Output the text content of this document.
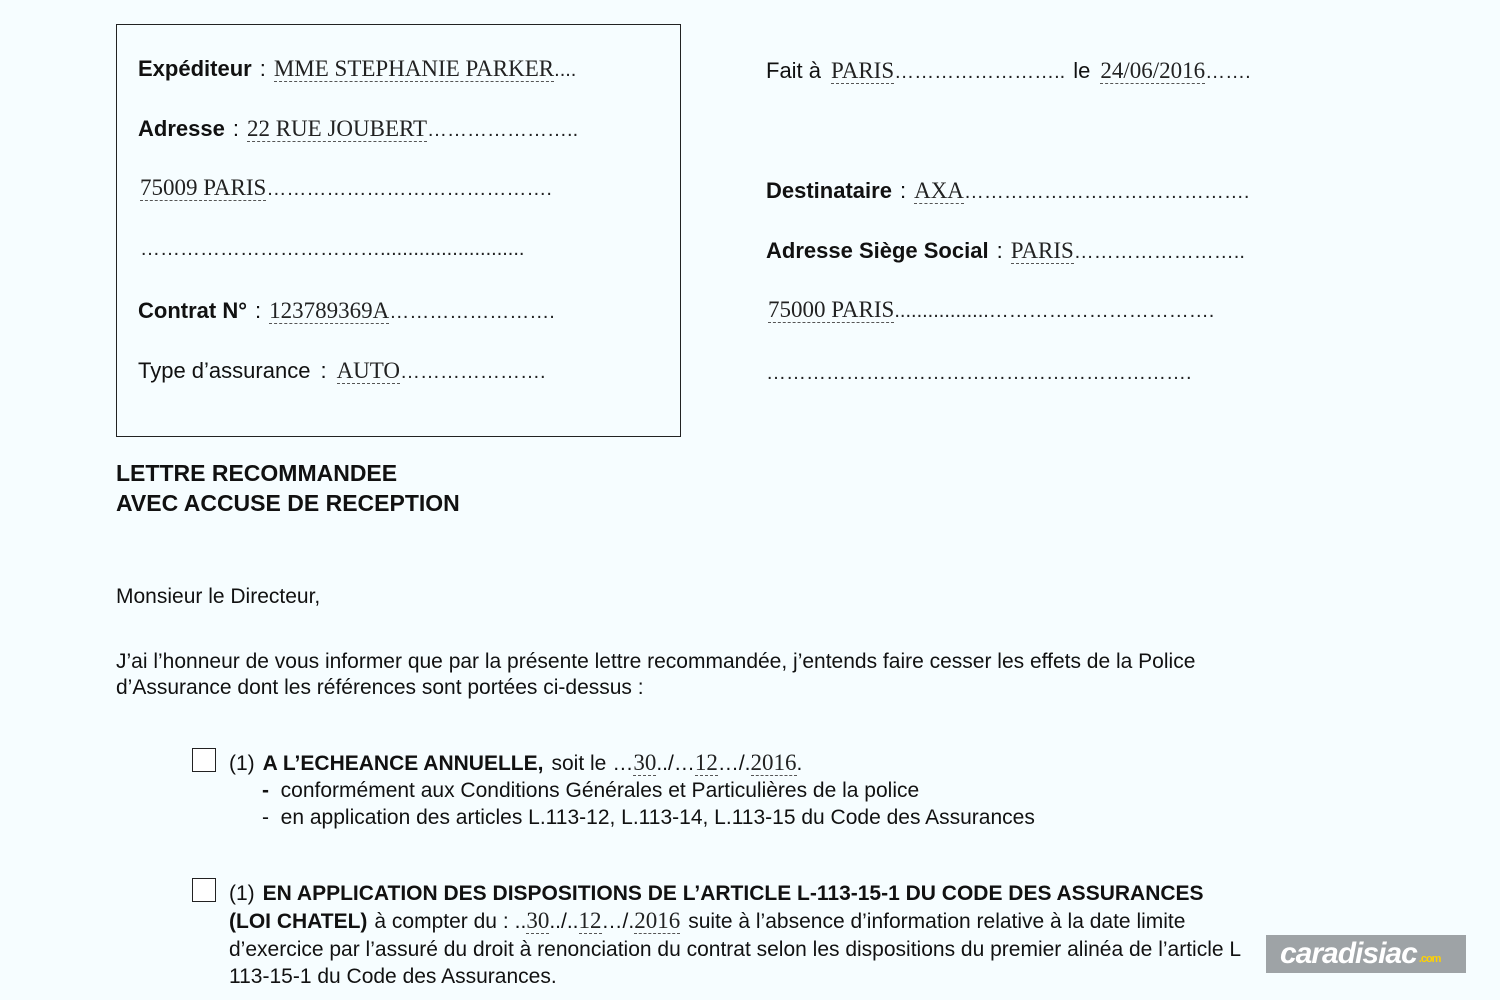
Expéditeur : MME STEPHANIE PARKER ....
Adresse : 22 RUE JOUBERT …………………..
75009 PARIS …………………………………….
………………………………..........................
Contrat N° : 123789369A …………………….
Type d’assurance : AUTO ………………….
Fait à PARIS …………………….. le 24/06/2016 …….
Destinataire : AXA …………………………………….
Adresse Siège Social : PARIS ……………………..
75000 PARIS .................…………………………….
……………………………………………………….
LETTRE RECOMMANDEE
AVEC ACCUSE DE RECEPTION
Monsieur le Directeur,
J’ai l’honneur de vous informer que par la présente lettre recommandée, j’entends faire cesser les effets de la Police
d’Assurance dont les références sont portées ci-dessus :
(1) A L’ECHEANCE ANNUELLE, soit le … 30 ../… 12 …/. 2016 .
- conformément aux Conditions Générales et Particulières de la police
- en application des articles L.113-12, L.113-14, L.113-15 du Code des Assurances
(1) EN APPLICATION DES DISPOSITIONS DE L’ARTICLE L-113-15-1 DU CODE DES ASSURANCES
(LOI CHATEL) à compter du : .. 30 ../.. 12 …/. 2016 suite à l’absence d’information relative à la date limite
d’exercice par l’assuré du droit à renonciation du contrat selon les dispositions du premier alinéa de l’article L
113-15-1 du Code des Assurances.
caradisiac .com
